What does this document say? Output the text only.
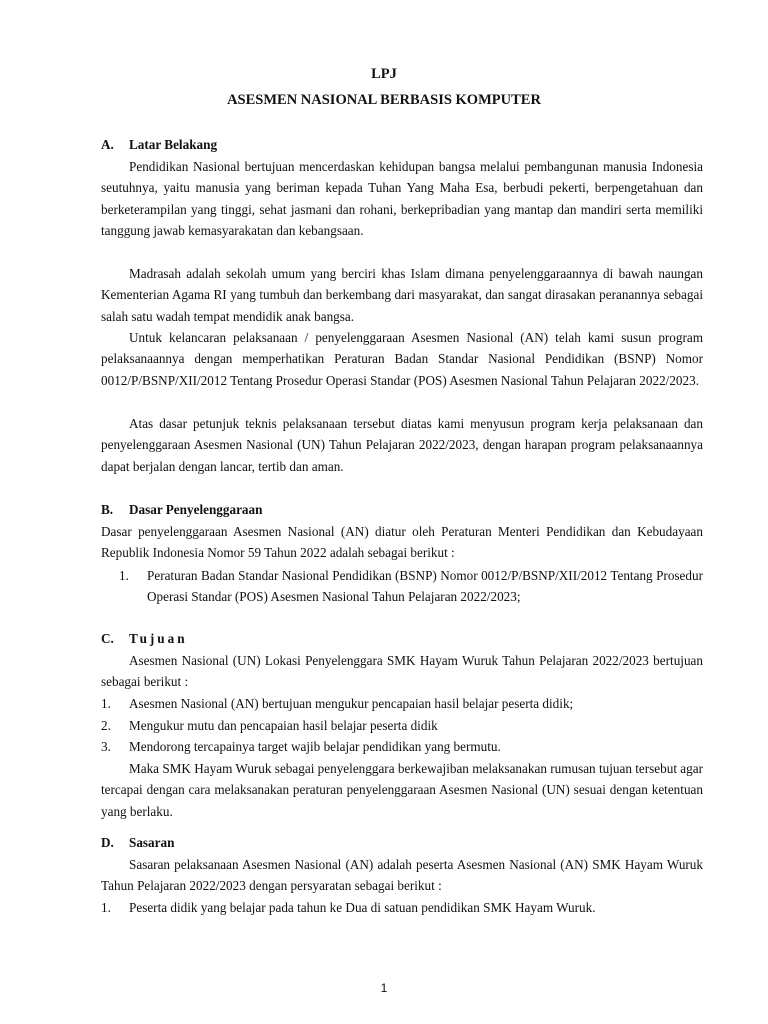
LPJ
ASESMEN NASIONAL BERBASIS KOMPUTER
A. Latar Belakang

Pendidikan Nasional bertujuan mencerdaskan kehidupan bangsa melalui pembangunan manusia Indonesia seutuhnya, yaitu manusia yang beriman kepada Tuhan Yang Maha Esa, berbudi pekerti, berpengetahuan dan berketerampilan yang tinggi, sehat jasmani dan rohani, berkepribadian yang mantap dan mandiri serta memiliki tanggung jawab kemasyarakatan dan kebangsaan.

Madrasah adalah sekolah umum yang berciri khas Islam dimana penyelenggaraannya di bawah naungan Kementerian Agama RI yang tumbuh dan berkembang dari masyarakat, dan sangat dirasakan peranannya sebagai salah satu wadah tempat mendidik anak bangsa.

Untuk kelancaran pelaksanaan / penyelenggaraan Asesmen Nasional (AN) telah kami susun program pelaksanaannya dengan memperhatikan Peraturan Badan Standar Nasional Pendidikan (BSNP) Nomor 0012/P/BSNP/XII/2012 Tentang Prosedur Operasi Standar (POS) Asesmen Nasional Tahun Pelajaran 2022/2023.

Atas dasar petunjuk teknis pelaksanaan tersebut diatas kami menyusun program kerja pelaksanaan dan penyelenggaraan Asesmen Nasional (UN) Tahun Pelajaran 2022/2023, dengan harapan program pelaksanaannya dapat berjalan dengan lancar, tertib dan aman.

B. Dasar Penyelenggaraan

Dasar penyelenggaraan Asesmen Nasional (AN) diatur oleh Peraturan Menteri Pendidikan dan Kebudayaan Republik Indonesia Nomor 59 Tahun 2022 adalah sebagai berikut :

1. Peraturan Badan Standar Nasional Pendidikan (BSNP) Nomor 0012/P/BSNP/XII/2012 Tentang Prosedur Operasi Standar (POS) Asesmen Nasional Tahun Pelajaran 2022/2023;
C. Tujuan

Asesmen Nasional (UN) Lokasi Penyelenggara SMK Hayam Wuruk Tahun Pelajaran 2022/2023 bertujuan sebagai berikut :

1. Asesmen Nasional (AN) bertujuan mengukur pencapaian hasil belajar peserta didik;
2. Mengukur mutu dan pencapaian hasil belajar peserta didik
3. Mendorong tercapainya target wajib belajar pendidikan yang bermutu.

Maka SMK Hayam Wuruk sebagai penyelenggara berkewajiban melaksanakan rumusan tujuan tersebut agar tercapai dengan cara melaksanakan peraturan penyelenggaraan Asesmen Nasional (UN) sesuai dengan ketentuan yang berlaku.

D. Sasaran

Sasaran pelaksanaan Asesmen Nasional (AN) adalah peserta Asesmen Nasional (AN) SMK Hayam Wuruk Tahun Pelajaran 2022/2023 dengan persyaratan sebagai berikut :

1. Peserta didik yang belajar pada tahun ke Dua di satuan pendidikan SMK Hayam Wuruk.
1
